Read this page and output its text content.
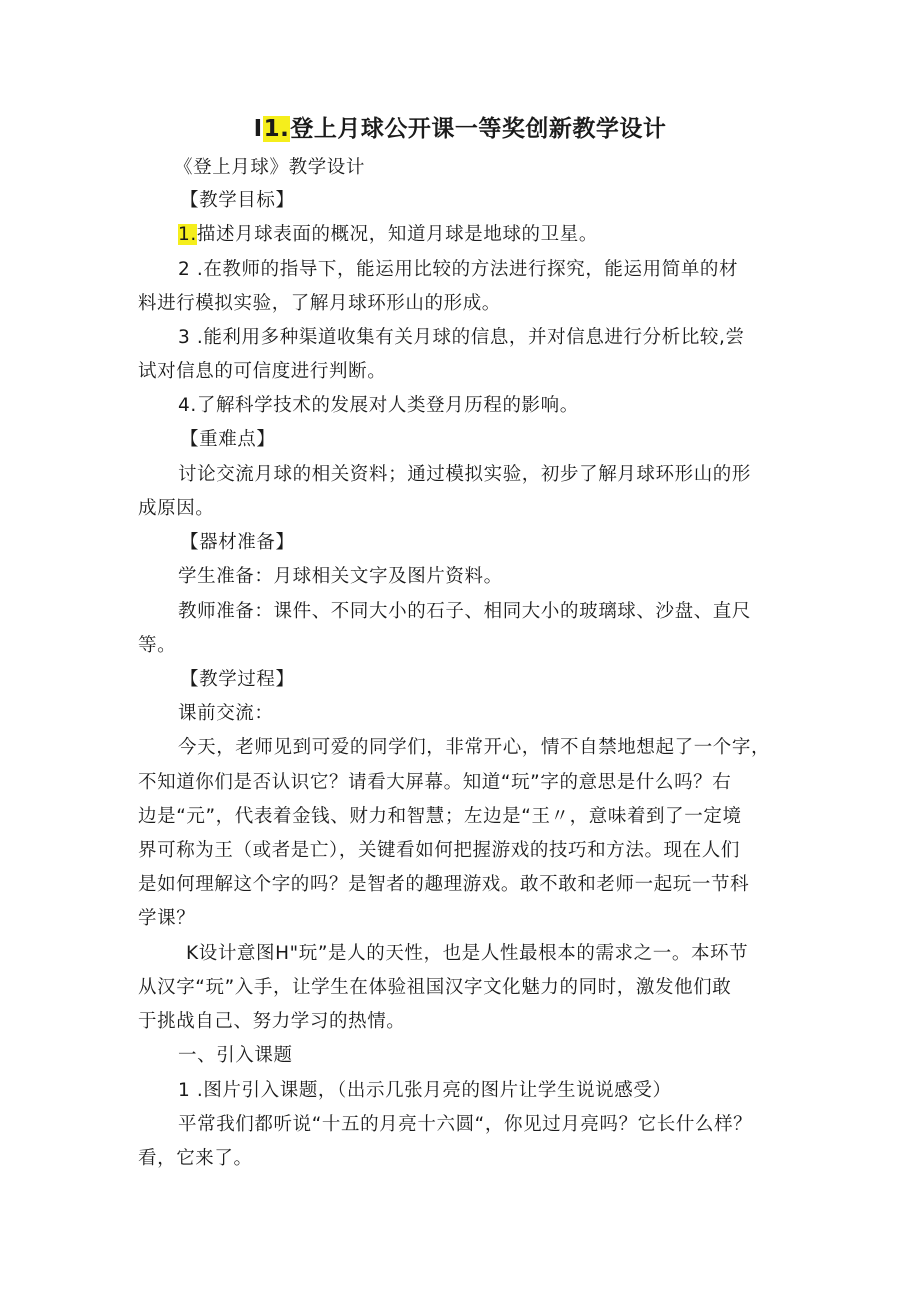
I1.登上月球公开课一等奖创新教学设计
《登上月球》教学设计
【教学目标】
1.描述月球表面的概况，知道月球是地球的卫星。
2 .在教师的指导下，能运用比较的方法进行探究，能运用简单的材
料进行模拟实验，了解月球环形山的形成。
3 .能利用多种渠道收集有关月球的信息，并对信息进行分析比较,尝
试对信息的可信度进行判断。
4.了解科学技术的发展对人类登月历程的影响。
【重难点】
讨论交流月球的相关资料；通过模拟实验，初步了解月球环形山的形
成原因。
【器材准备】
学生准备：月球相关文字及图片资料。
教师准备：课件、不同大小的石子、相同大小的玻璃球、沙盘、直尺
等。
【教学过程】
课前交流：
今天，老师见到可爱的同学们，非常开心，情不自禁地想起了一个字，
不知道你们是否认识它？请看大屏幕。知道“玩”字的意思是什么吗？右
边是“元”，代表着金钱、财力和智慧；左边是“王〃，意味着到了一定境
界可称为王（或者是亡），关键看如何把握游戏的技巧和方法。现在人们
是如何理解这个字的吗？是智者的趣理游戏。敢不敢和老师一起玩一节科
学课？
K设计意图H"玩”是人的天性，也是人性最根本的需求之一。本环节
从汉字“玩”入手，让学生在体验祖国汉字文化魅力的同时，激发他们敢
于挑战自己、努力学习的热情。
一、引入课题
1 .图片引入课题，（出示几张月亮的图片让学生说说感受）
平常我们都听说“十五的月亮十六圆“，你见过月亮吗？它长什么样？
看，它来了。
